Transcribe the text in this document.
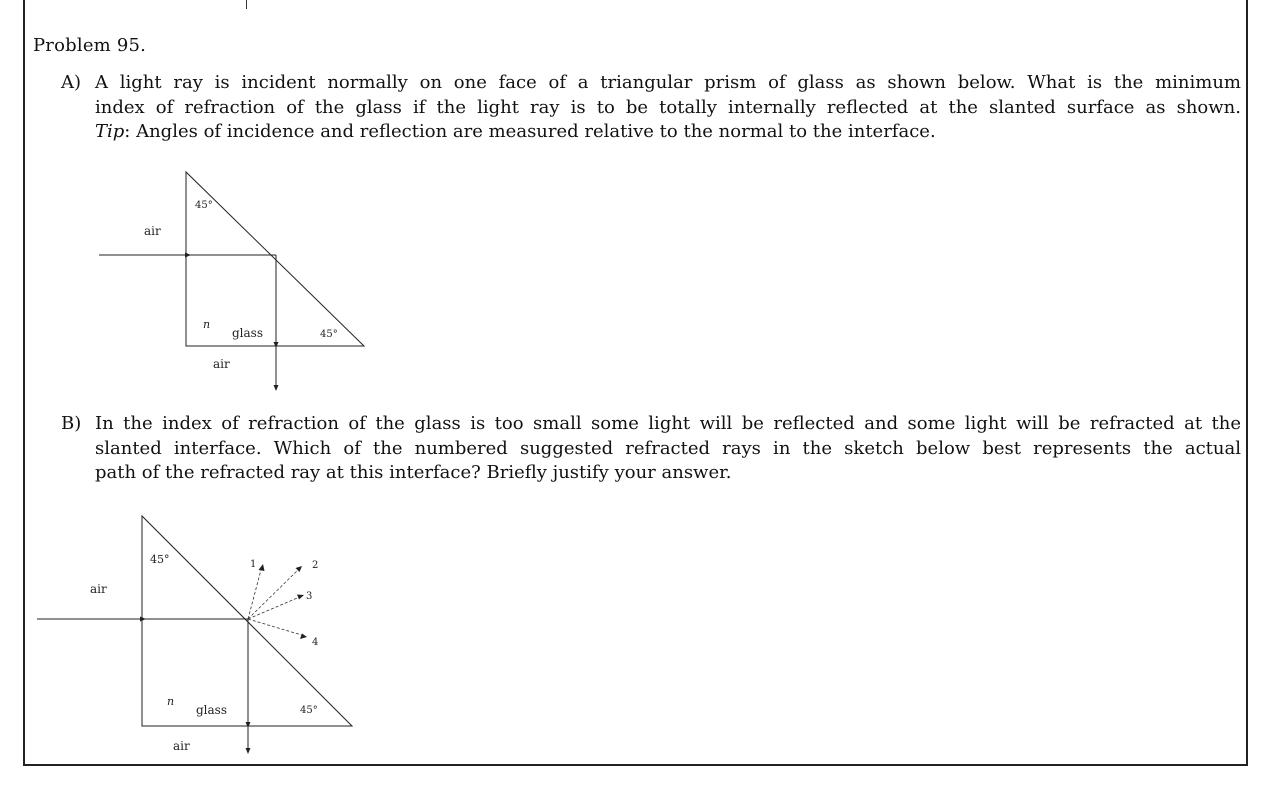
Problem 95.
A) A light ray is incident normally on one face of a triangular prism of glass as shown below. What is the minimum
index of refraction of the glass if the light ray is to be totally internally reflected at the slanted surface as shown.
Tip: Angles of incidence and reflection are measured relative to the normal to the interface.
B) In the index of refraction of the glass is too small some light will be reflected and some light will be refracted at the
slanted interface. Which of the numbered suggested refracted rays in the sketch below best represents the actual
path of the refracted ray at this interface? Briefly justify your answer.
45°
air
n
glass	45°
air
45°
air
1	2
3
4
n
glass	45°
air
